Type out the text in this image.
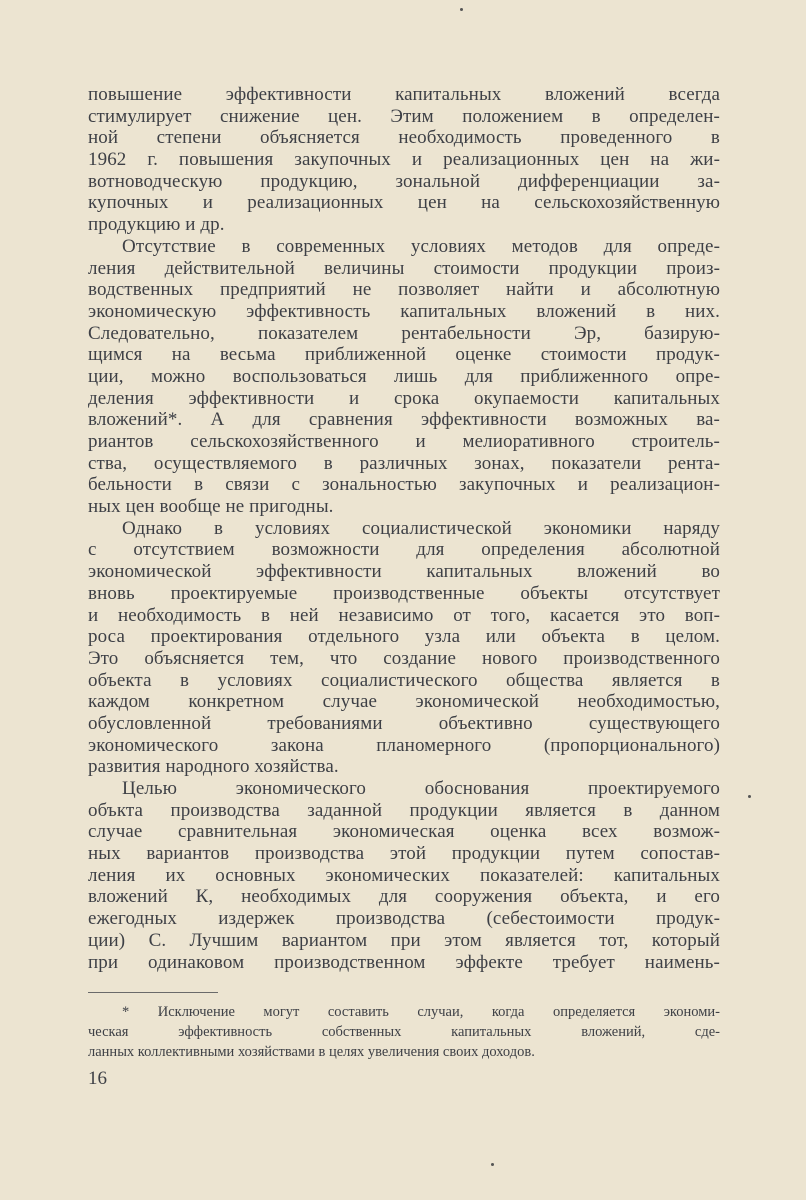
повышение эффективности капитальных вложений всегда
стимулирует снижение цен. Этим положением в определен-
ной степени объясняется необходимость проведенного в
1962 г. повышения закупочных и реализационных цен на жи-
вотноводческую продукцию, зональной дифференциации за-
купочных и реализационных цен на сельскохозяйственную
продукцию и др.
Отсутствие в современных условиях методов для опреде-
ления действительной величины стоимости продукции произ-
водственных предприятий не позволяет найти и абсолютную
экономическую эффективность капитальных вложений в них.
Следовательно, показателем рентабельности Эр, базирую-
щимся на весьма приближенной оценке стоимости продук-
ции, можно воспользоваться лишь для приближенного опре-
деления эффективности и срока окупаемости капитальных
вложений*. А для сравнения эффективности возможных ва-
риантов сельскохозяйственного и мелиоративного строитель-
ства, осуществляемого в различных зонах, показатели рента-
бельности в связи с зональностью закупочных и реализацион-
ных цен вообще не пригодны.
Однако в условиях социалистической экономики наряду
с отсутствием возможности для определения абсолютной
экономической эффективности капитальных вложений во
вновь проектируемые производственные объекты отсутствует
и необходимость в ней независимо от того, касается это воп-
роса проектирования отдельного узла или объекта в целом.
Это объясняется тем, что создание нового производственного
объекта в условиях социалистического общества является в
каждом конкретном случае экономической необходимостью,
обусловленной требованиями объективно существующего
экономического закона планомерного (пропорционального)
развития народного хозяйства.
Целью экономического обоснования проектируемого
объкта производства заданной продукции является в данном
случае сравнительная экономическая оценка всех возмож-
ных вариантов производства этой продукции путем сопостав-
ления их основных экономических показателей: капитальных
вложений К, необходимых для сооружения объекта, и его
ежегодных издержек производства (себестоимости продук-
ции) С. Лучшим вариантом при этом является тот, который
при одинаковом производственном эффекте требует наимень-
* Исключение могут составить случаи, когда определяется экономи-
ческая эффективность собственных капитальных вложений, сде-
ланных коллективными хозяйствами в целях увеличения своих доходов.
16
